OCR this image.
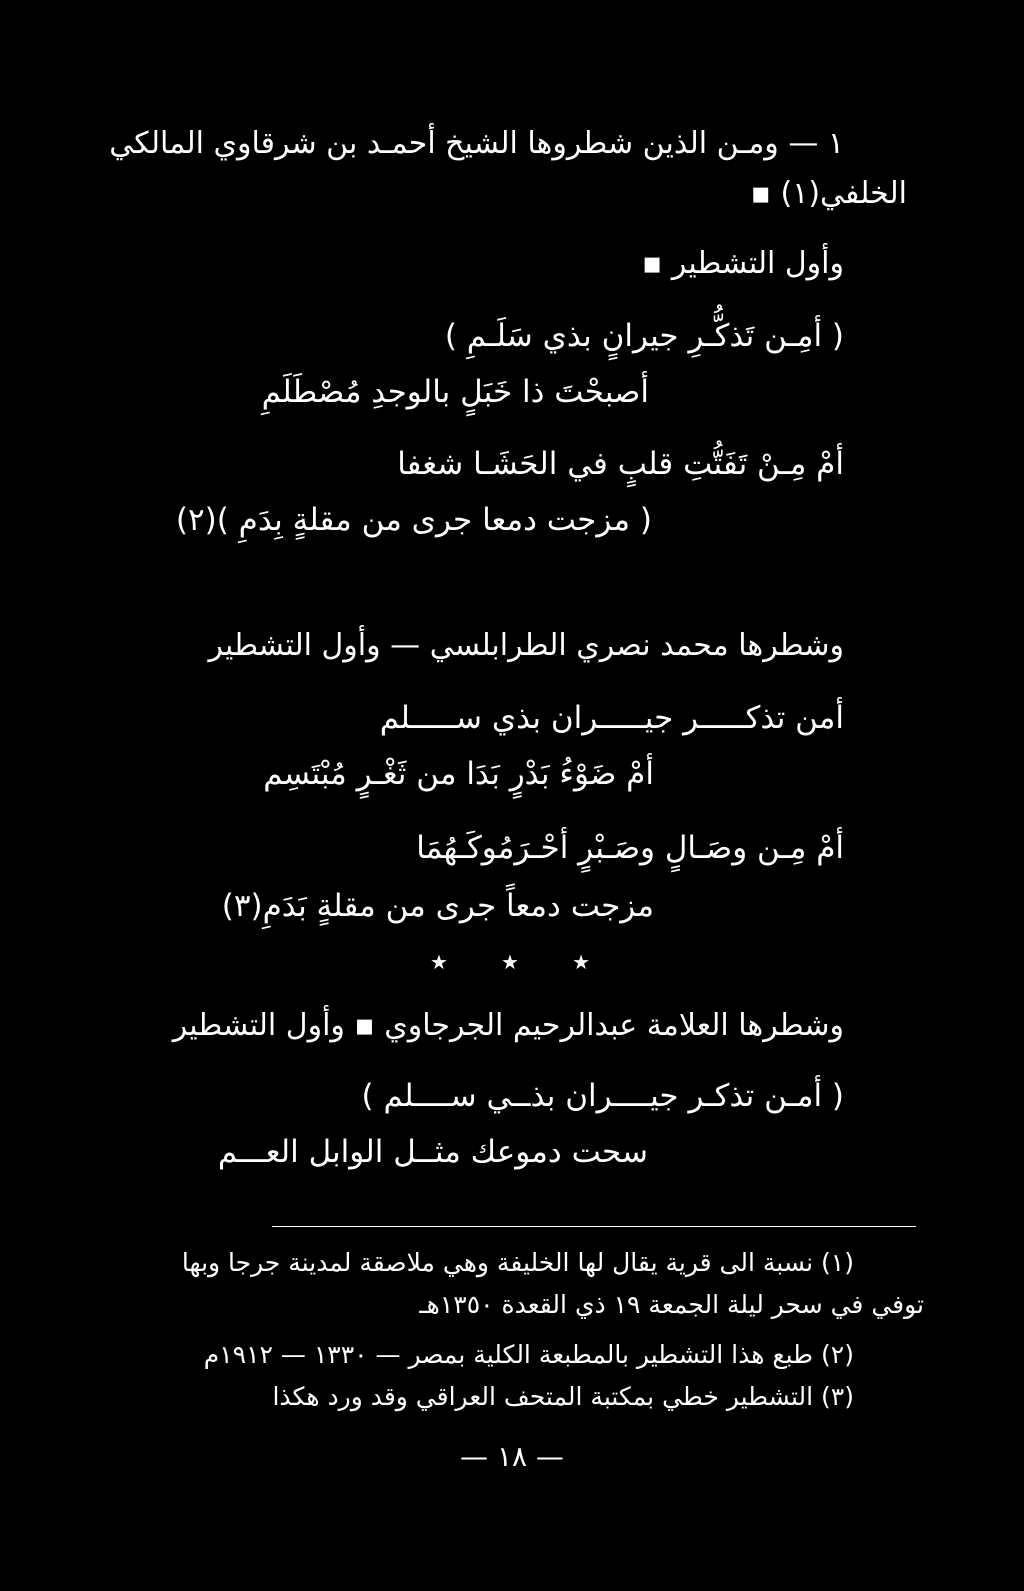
١ — ومـن الذين شطروها الشيخ أحمـد بن شرقاوي المالكي
الخلفي(١) ▪
وأول التشطير ▪
( أمِـن تَذكُّـرِ جيرانٍ بذي سَلَـمِ )
أصبحْتَ ذا خَبَلٍ بالوجدِ مُصْطَلَمِ
أمْ مِـنْ تَفَتُّتِ قلبٍ في الحَشَـا شغفا
( مزجت دمعا جرى من مقلةٍ بِدَمِ )(٢)
وشطرها محمد نصري الطرابلسي — وأول التشطير
أمن تذكـــــر جيـــــران بذي ســـــلم
أمْ ضَوْءُ بَدْرٍ بَدَا من ثَغْـرٍ مُبْتَسِم
أمْ مِـن وصَـالٍ وصَـبْرٍ أحْـرَمُوكَـهُمَا
مزجت دمعاً جرى من مقلةٍ بَدَمِ(٣)
★
★
★
وشطرها العلامة عبدالرحيم الجرجاوي ▪ وأول التشطير
( أمـن تذكـر جيــــران بذــي ســــلم )
سحت دموعك مثــل الوابل العـــم
(١) نسبة الى قرية يقال لها الخليفة وهي ملاصقة لمدينة جرجا وبها
توفي في سحر ليلة الجمعة ١٩ ذي القعدة ١٣٥٠هـ
(٢) طبع هذا التشطير بالمطبعة الكلية بمصر — ١٣٣٠ — ١٩١٢م
(٣) التشطير خطي بمكتبة المتحف العراقي وقد ورد هكذا
— ١٨ —
